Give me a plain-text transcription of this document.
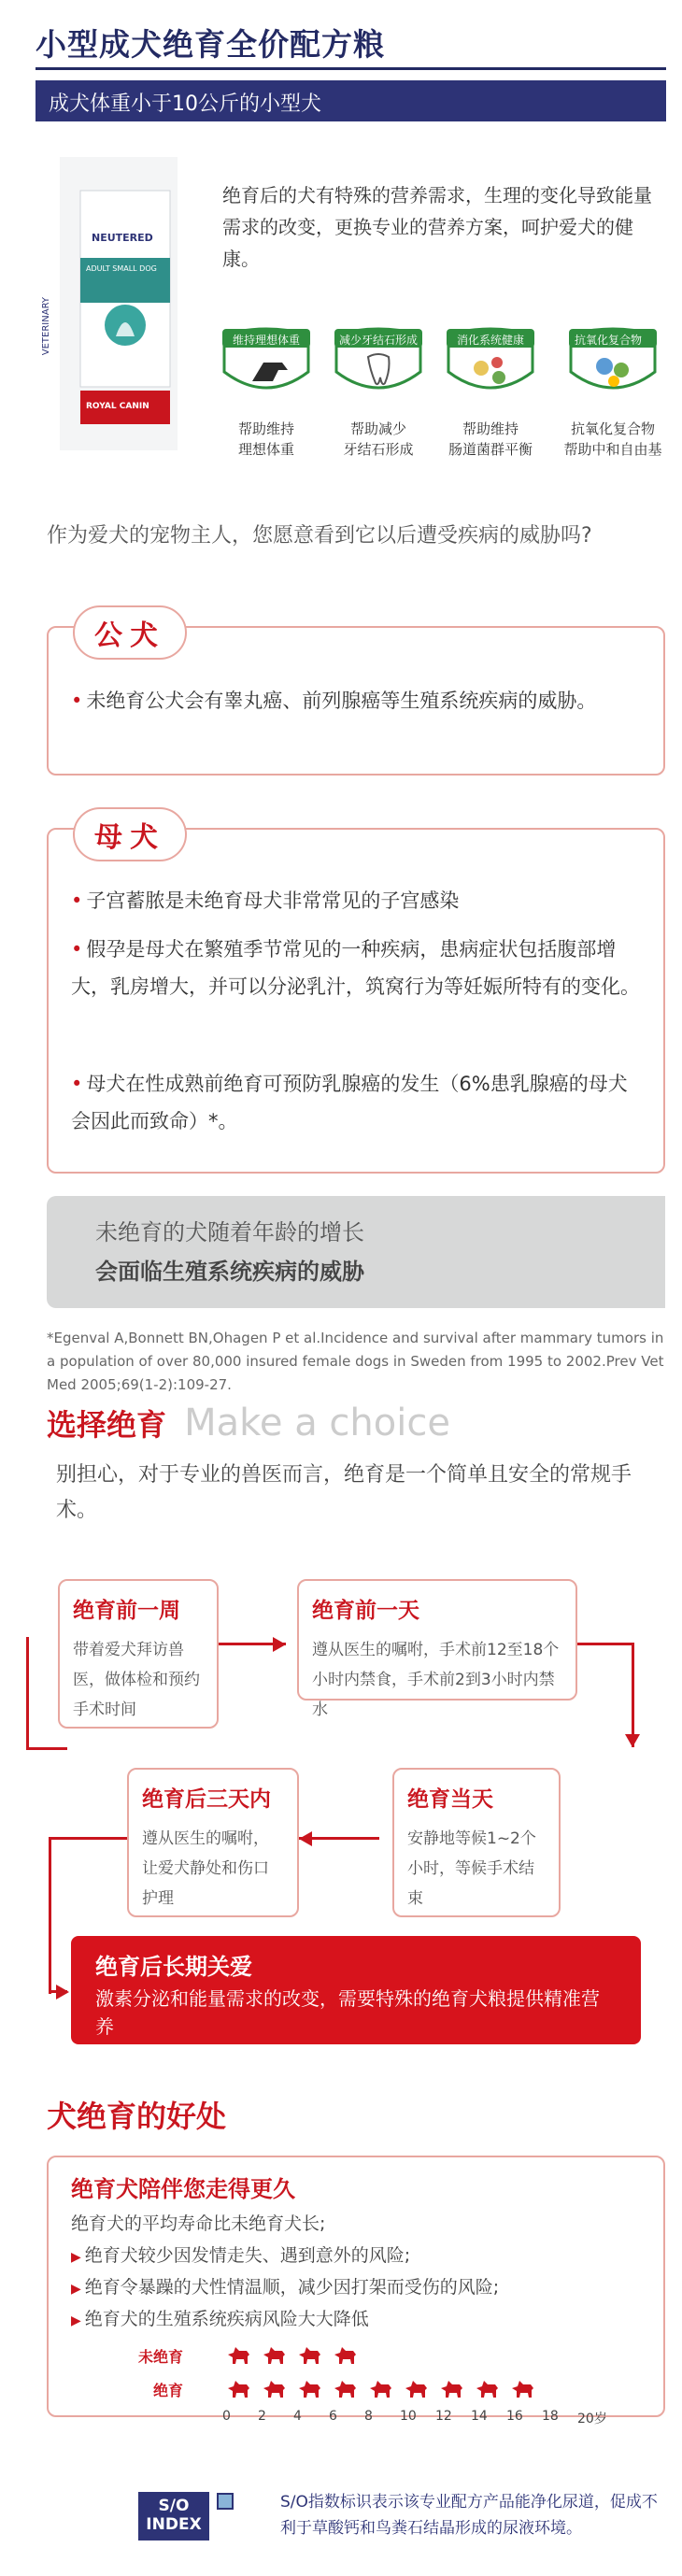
小型成犬绝育全价配方粮
成犬体重小于10公斤的小型犬
VETERINARY
NEUTERED
ADULT SMALL DOG
ROYAL CANIN
绝育后的犬有特殊的营养需求，生理的变化导致能量需求的改变，更换专业的营养方案，呵护爱犬的健康。
维持理想体重
帮助维持
理想体重
减少牙结石形成
帮助减少
牙结石形成
消化系统健康
帮助维持
肠道菌群平衡
抗氧化复合物
抗氧化复合物
帮助中和自由基
作为爱犬的宠物主人，您愿意看到它以后遭受疾病的威胁吗?
公犬
• 未绝育公犬会有睾丸癌、前列腺癌等生殖系统疾病的威胁。
母犬
• 子宫蓄脓是未绝育母犬非常常见的子宫感染
• 假孕是母犬在繁殖季节常见的一种疾病，患病症状包括腹部增大，乳房增大，并可以分泌乳汁，筑窝行为等妊娠所特有的变化。
• 母犬在性成熟前绝育可预防乳腺癌的发生（6%患乳腺癌的母犬会因此而致命）*。
未绝育的犬随着年龄的增长
会面临生殖系统疾病的威胁
*Egenval A,Bonnett BN,Ohagen P et al.Incidence and survival after mammary tumors in a population of over 80,000 insured female dogs in Sweden from 1995 to 2002.Prev Vet Med 2005;69(1-2):109-27.
选择绝育 Make a choice
别担心，对于专业的兽医而言，绝育是一个简单且安全的常规手术。
绝育前一周
带着爱犬拜访兽医，做体检和预约手术时间
绝育前一天
遵从医生的嘱咐，手术前12至18个小时内禁食，手术前2到3小时内禁水
绝育当天
安静地等候1~2个小时，等候手术结束
绝育后三天内
遵从医生的嘱咐，让爱犬静处和伤口护理
绝育后长期关爱
激素分泌和能量需求的改变，需要特殊的绝育犬粮提供精准营养
犬绝育的好处
绝育犬陪伴您走得更久
绝育犬的平均寿命比未绝育犬长;
▶ 绝育犬较少因发情走失、遇到意外的风险;
▶ 绝育令暴躁的犬性情温顺，减少因打架而受伤的风险;
▶ 绝育犬的生殖系统疾病风险大大降低
未绝育
绝育
0 2 4 6 8 10 12 14 16 18 20岁
S/O
INDEX
S/O指数标识表示该专业配方产品能净化尿道，促成不利于草酸钙和鸟粪石结晶形成的尿液环境。
